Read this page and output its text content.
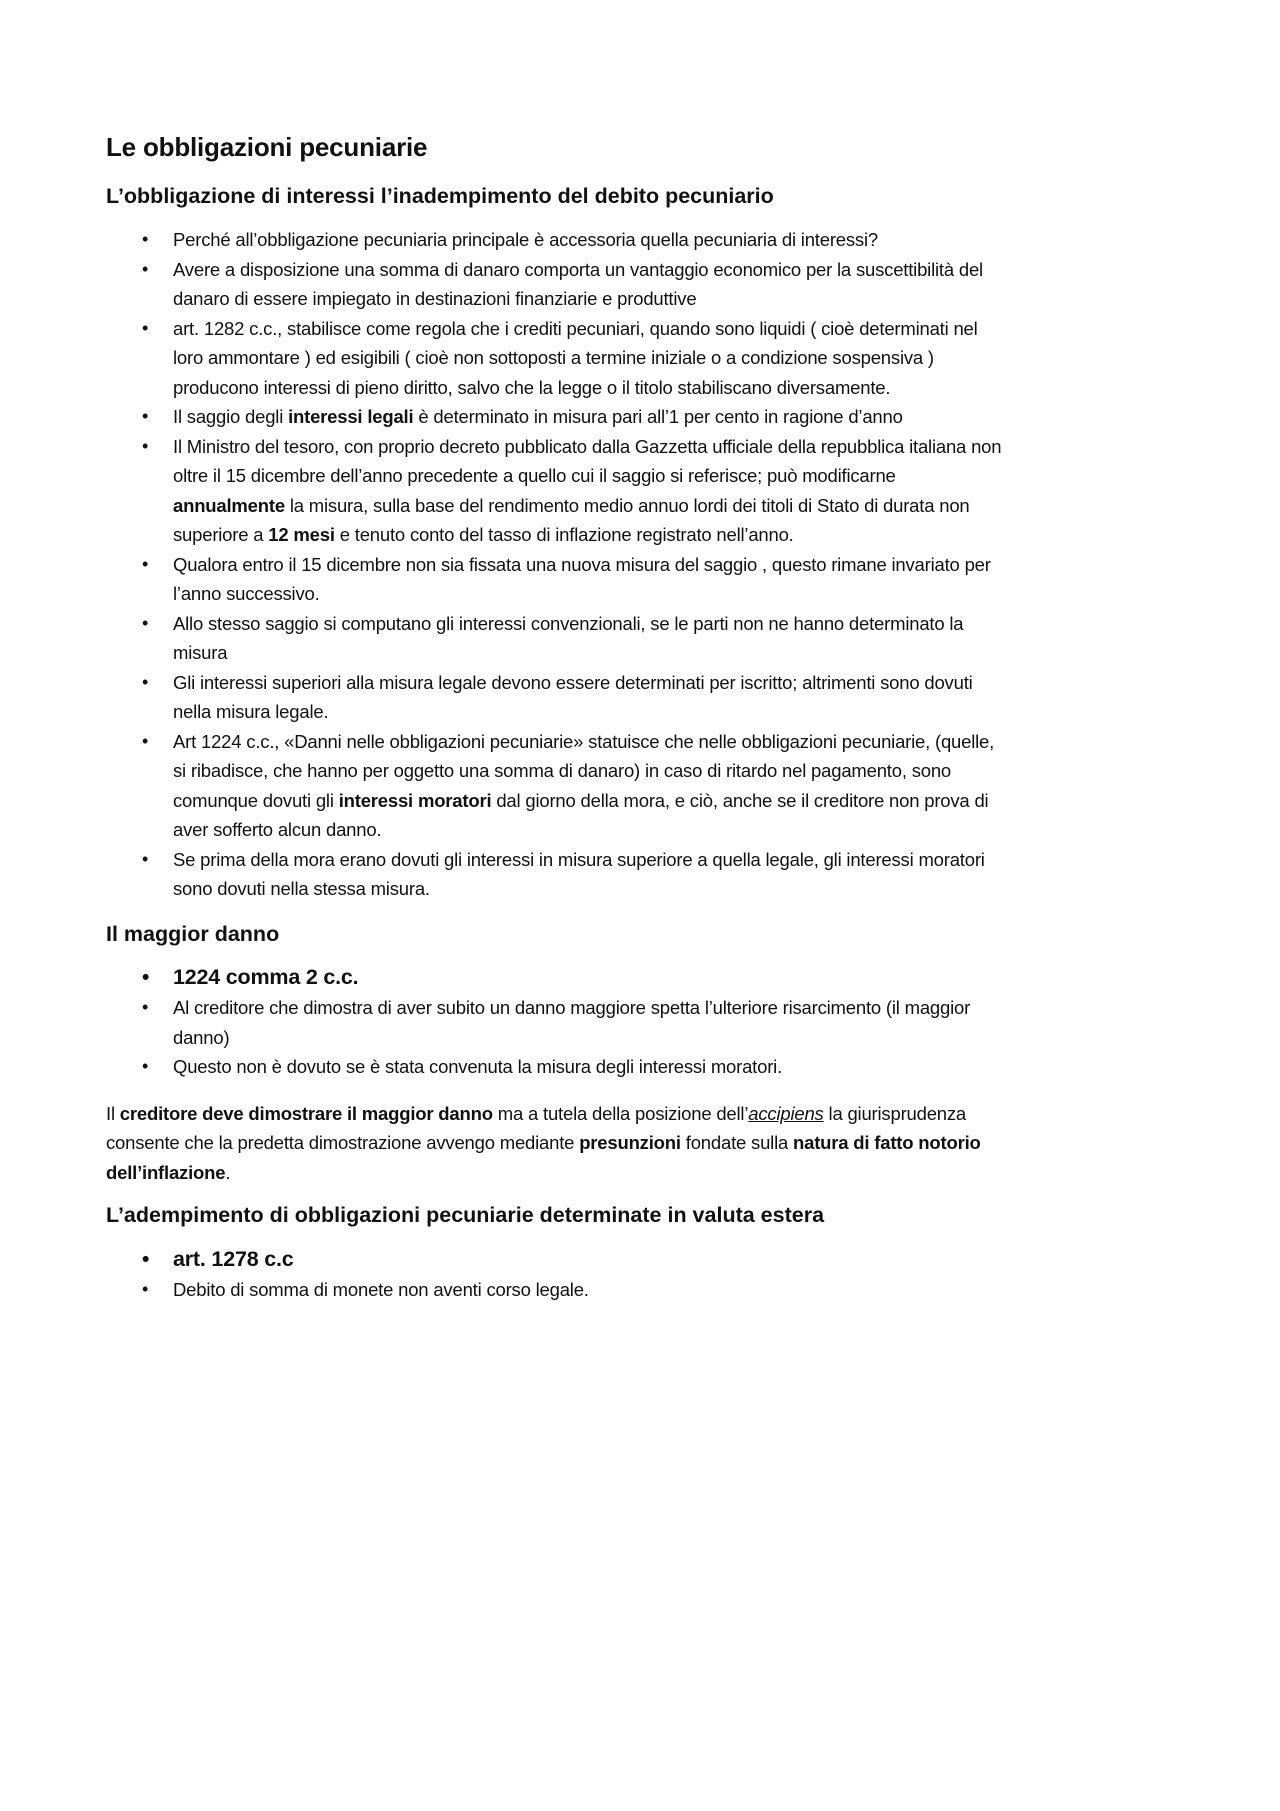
Le obbligazioni pecuniarie
L’obbligazione di interessi l’inadempimento del debito pecuniario
• Perché all’obbligazione pecuniaria principale è accessoria quella pecuniaria di interessi?
• Avere a disposizione una somma di danaro comporta un vantaggio economico per la suscettibilità del danaro di essere impiegato in destinazioni finanziarie e produttive
• art. 1282 c.c., stabilisce come regola che i crediti pecuniari, quando sono liquidi ( cioè determinati nel loro ammontare ) ed esigibili ( cioè non sottoposti a termine iniziale o a condizione sospensiva ) producono interessi di pieno diritto, salvo che la legge o il titolo stabiliscano diversamente.
• Il saggio degli interessi legali è determinato in misura pari all’1 per cento in ragione d’anno
• Il Ministro del tesoro, con proprio decreto pubblicato dalla Gazzetta ufficiale della repubblica italiana non oltre il 15 dicembre dell’anno precedente a quello cui il saggio si referisce; può modificarne annualmente la misura, sulla base del rendimento medio annuo lordi dei titoli di Stato di durata non superiore a 12 mesi e tenuto conto del tasso di inflazione registrato nell’anno.
• Qualora entro il 15 dicembre non sia fissata una nuova misura del saggio , questo rimane invariato per l’anno successivo.
• Allo stesso saggio si computano gli interessi convenzionali, se le parti non ne hanno determinato la misura
• Gli interessi superiori alla misura legale devono essere determinati per iscritto; altrimenti sono dovuti nella misura legale.
• Art 1224 c.c., «Danni nelle obbligazioni pecuniarie» statuisce che nelle obbligazioni pecuniarie, (quelle, si ribadisce, che hanno per oggetto una somma di danaro) in caso di ritardo nel pagamento, sono comunque dovuti gli interessi moratori dal giorno della mora, e ciò, anche se il creditore non prova di aver sofferto alcun danno.
• Se prima della mora erano dovuti gli interessi in misura superiore a quella legale, gli interessi moratori sono dovuti nella stessa misura.
Il maggior danno
• 1224 comma 2 c.c.
• Al creditore che dimostra di aver subito un danno maggiore spetta l’ulteriore risarcimento (il maggior danno)
• Questo non è dovuto se è stata convenuta la misura degli interessi moratori.

Il creditore deve dimostrare il maggior danno ma a tutela della posizione dell’accipiens la giurisprudenza consente che la predetta dimostrazione avvengo mediante presunzioni fondate sulla natura di fatto notorio dell’inflazione.

L’adempimento di obbligazioni pecuniarie determinate in valuta estera
• art. 1278 c.c
• Debito di somma di monete non aventi corso legale.
